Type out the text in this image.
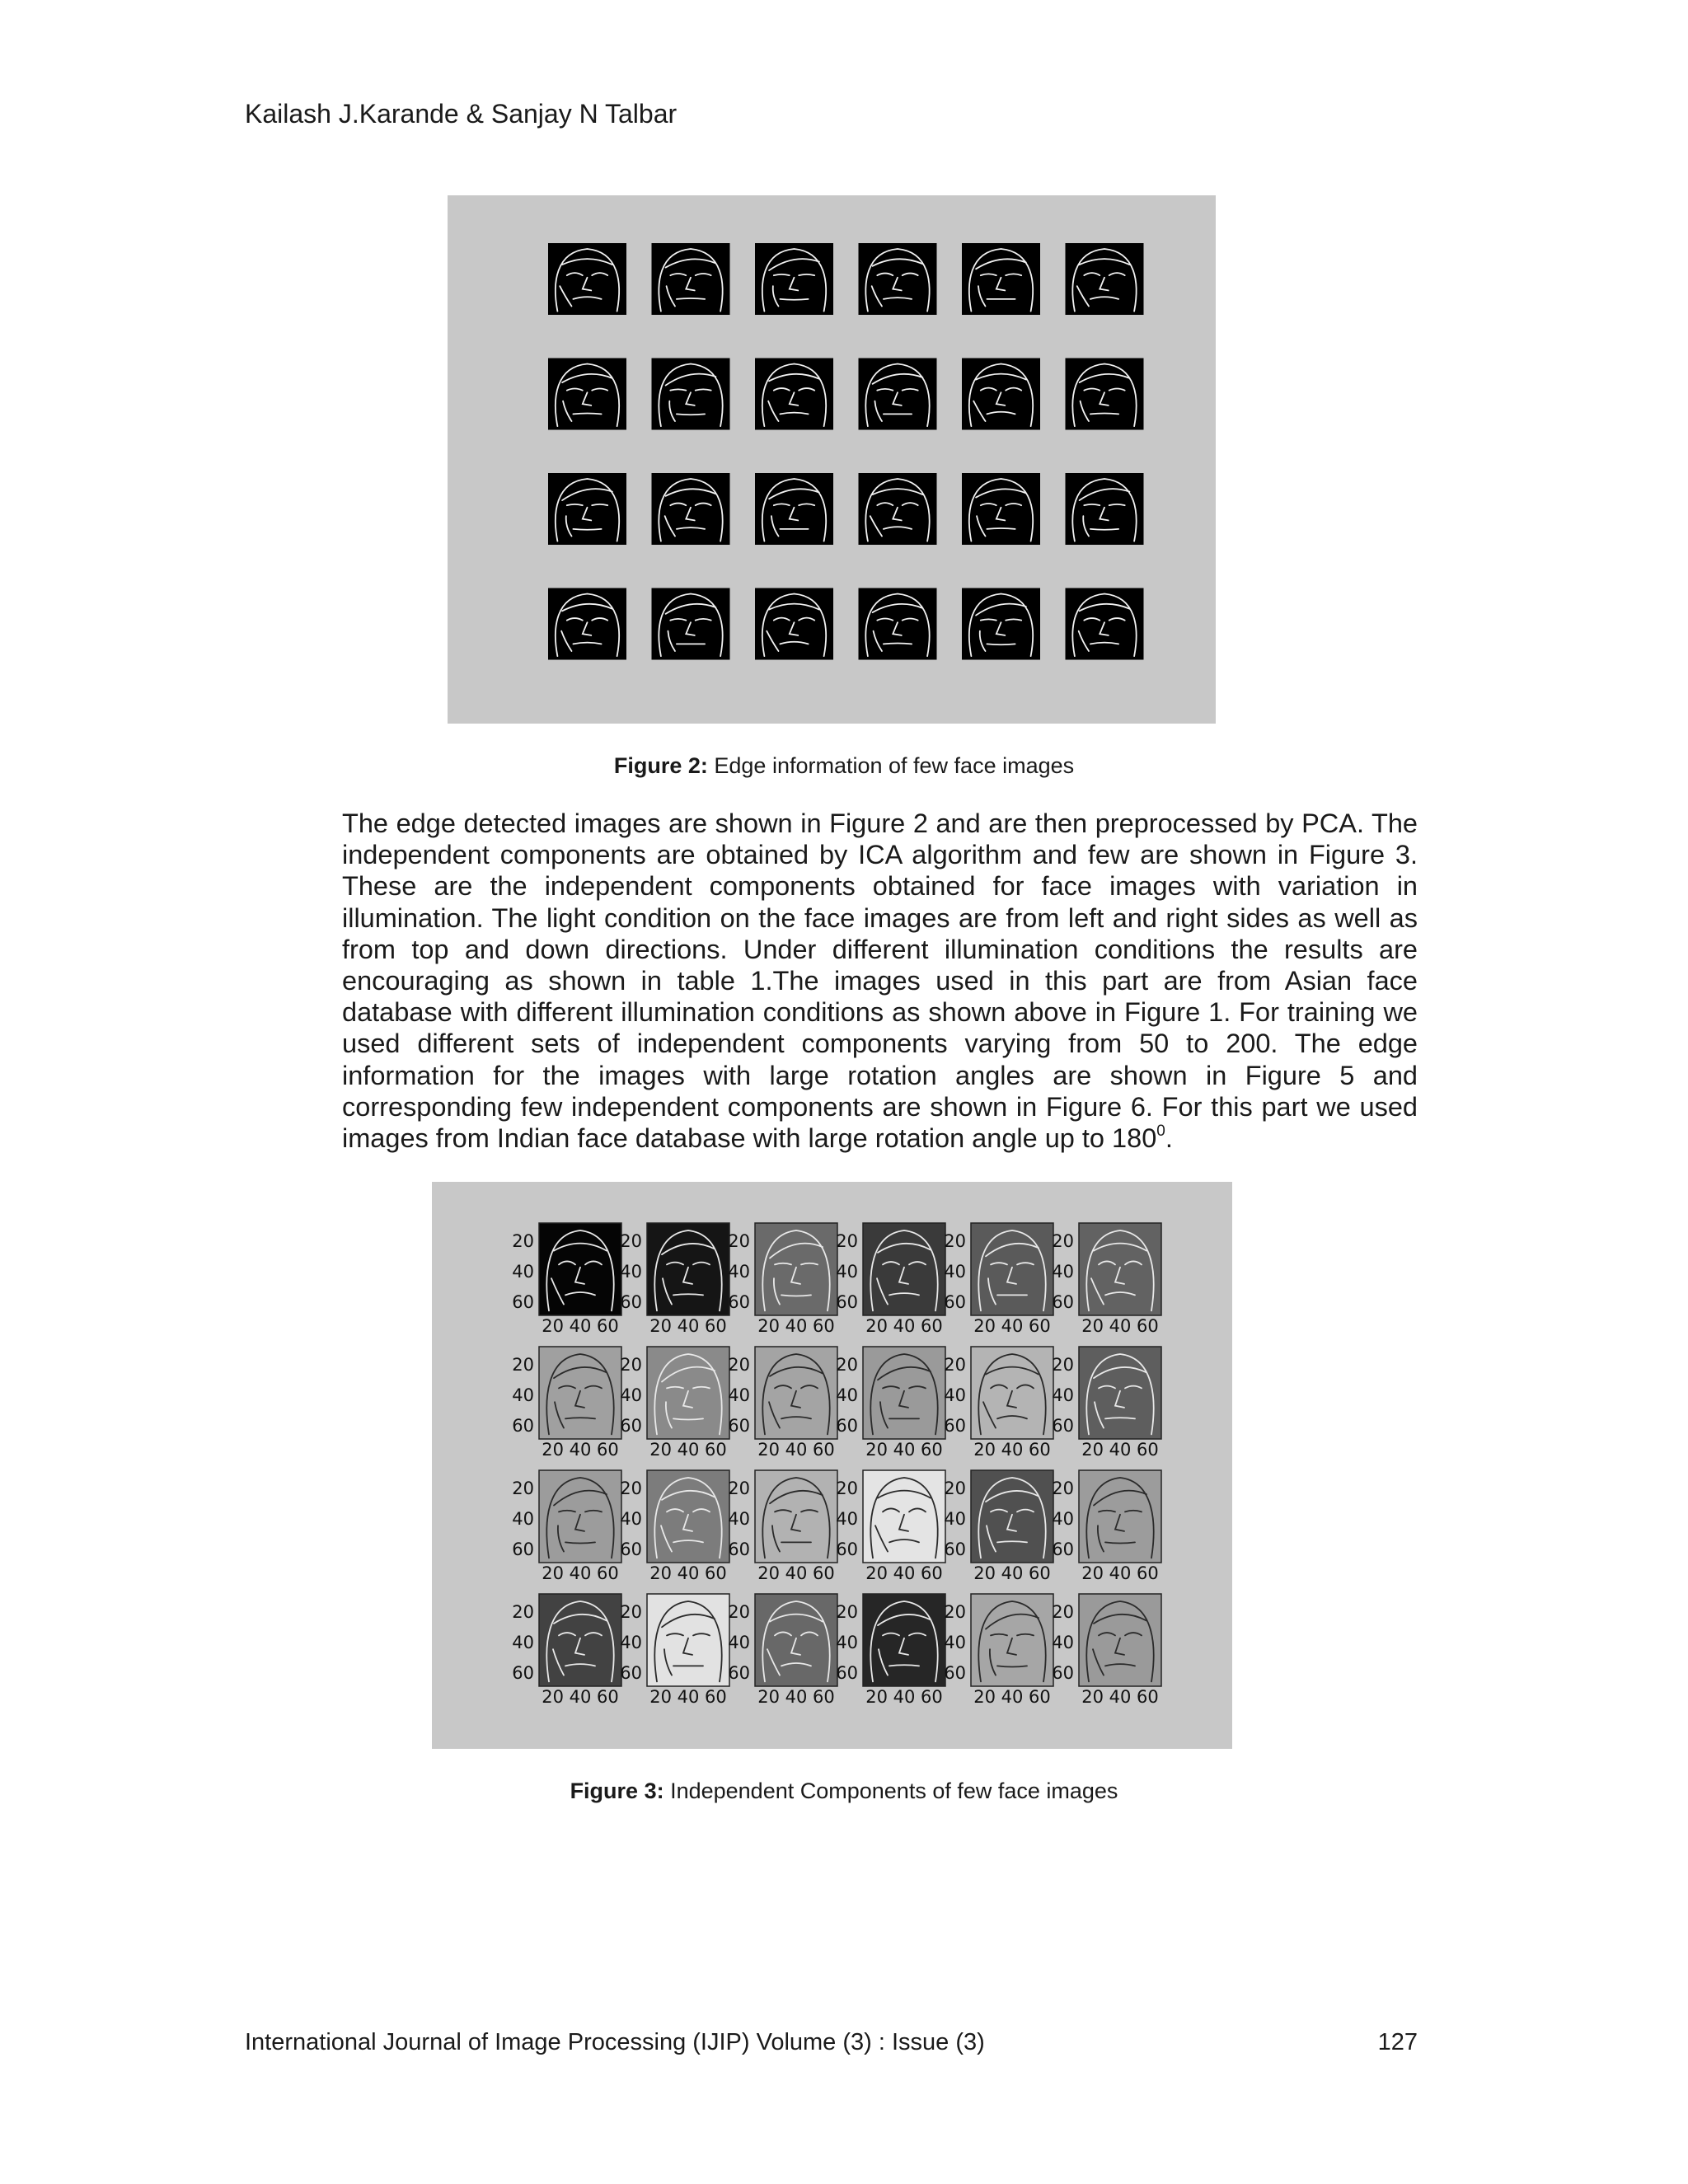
Kailash J.Karande & Sanjay N Talbar
Figure 2: Edge information of few face images
The edge detected images are shown in Figure 2 and are then preprocessed by PCA. The independent components are obtained by ICA algorithm and few are shown in Figure 3. These are the independent components obtained for face images with variation in illumination. The light condition on the face images are from left and right sides as well as from top and down directions. Under different illumination conditions the results are encouraging as shown in table 1.The images used in this part are from Asian face database with different illumination conditions as shown above in Figure 1. For training we used different sets of independent components varying from 50 to 200. The edge information for the images with large rotation angles are shown in Figure 5 and corresponding few independent components are shown in Figure 6. For this part we used images from Indian face database with large rotation angle up to $180^0$.
20
40
60
20 40 60
20
40
60
20 40 60
20
40
60
20 40 60
20
40
60
20 40 60
20
40
60
20 40 60
20
40
60
20 40 60
20
40
60
20 40 60
20
40
60
20 40 60
20
40
60
20 40 60
20
40
60
20 40 60
20
40
60
20 40 60
20
40
60
20 40 60
20
40
60
20 40 60
20
40
60
20 40 60
20
40
60
20 40 60
20
40
60
20 40 60
20
40
60
20 40 60
20
40
60
20 40 60
20
40
60
20 40 60
20
40
60
20 40 60
20
40
60
20 40 60
20
40
60
20 40 60
20
40
60
20 40 60
20
40
60
20 40 60
Figure 3: Independent Components of few face images
International Journal of Image Processing (IJIP) Volume (3) : Issue (3)	127
